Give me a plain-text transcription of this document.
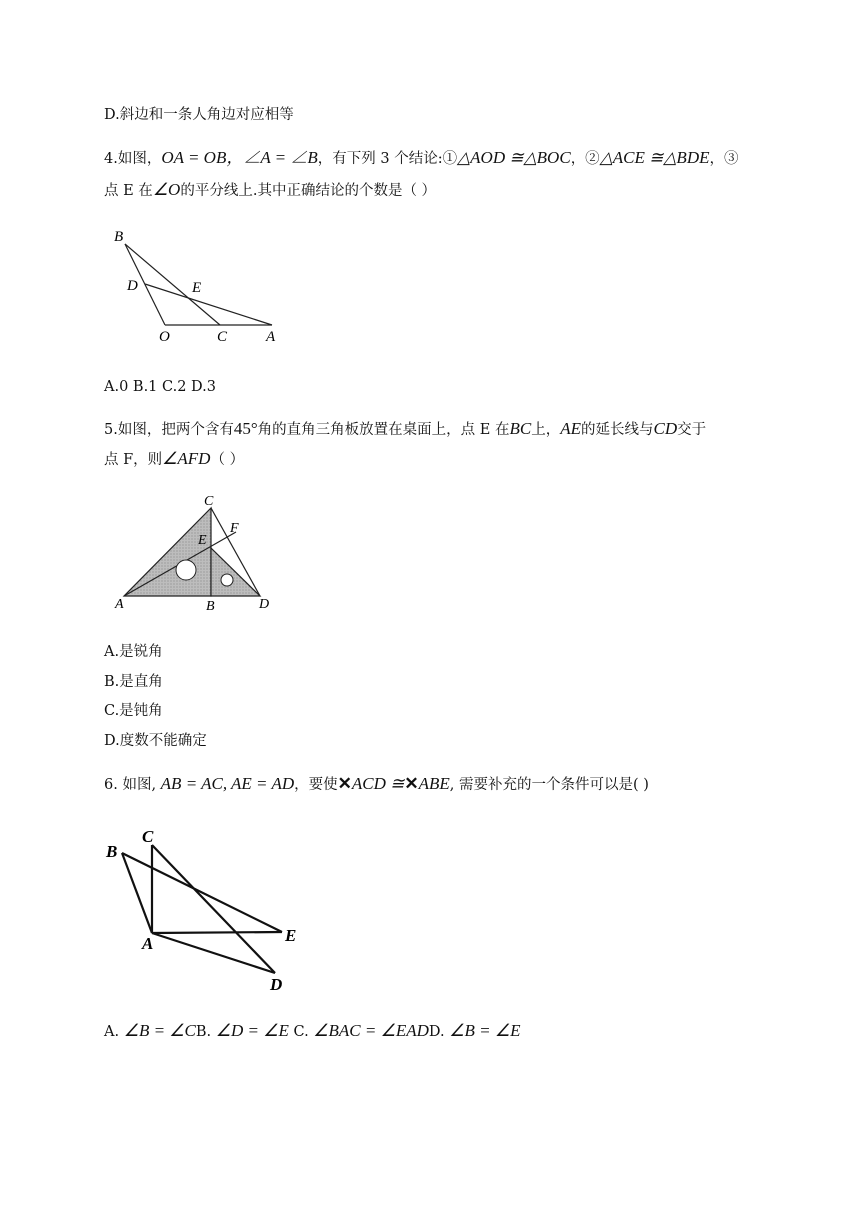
D.斜边和一条人角边对应相等
4.如图，OA = OB，∠A = ∠B，有下列 3 个结论:①△AOD ≅△BOC，②△ACE ≅△BDE，③
点 E 在∠O的平分线上.其中正确结论的个数是（ ）
B
D	E
O	C	A
A.0 B.1 C.2 D.3
5.如图，把两个含有45°角的直角三角板放置在桌面上，点 E 在BC上，AE的延长线与CD交于
点 F，则∠AFD（ ）
C
F
E
A	B	D
A.是锐角
B.是直角
C.是钝角
D.度数不能确定
6. 如图, AB = AC, AE = AD，要使✕ACD ≅✕ABE, 需要补充的一个条件可以是( )
B
C
A	E
D
A. ∠B = ∠CB. ∠D = ∠E C. ∠BAC = ∠EADD. ∠B = ∠E
